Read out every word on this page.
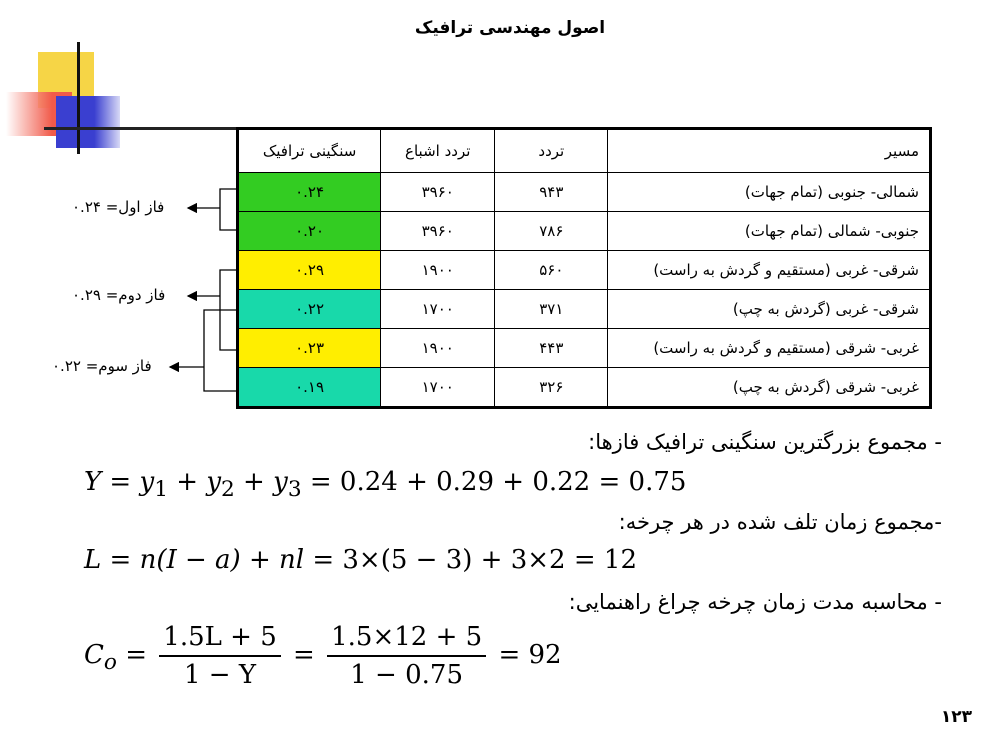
اصول مهندسی ترافیک
مسیر	تردد	تردد اشباع	سنگینی ترافیک
شمالی- جنوبی (تمام جهات)	۹۴۳	۳۹۶۰	۰.۲۴
جنوبی- شمالی (تمام جهات)	۷۸۶	۳۹۶۰	۰.۲۰
شرقی- غربی (مستقیم و گردش به راست)	۵۶۰	۱۹۰۰	۰.۲۹
شرقی- غربی (گردش به چپ)	۳۷۱	۱۷۰۰	۰.۲۲
غربی- شرقی (مستقیم و گردش به راست)	۴۴۳	۱۹۰۰	۰.۲۳
غربی- شرقی (گردش به چپ)	۳۲۶	۱۷۰۰	۰.۱۹
فاز اول= ۰.۲۴
فاز دوم= ۰.۲۹
فاز سوم= ۰.۲۲
- مجموع بزرگترین سنگینی ترافیک فازها:
$Y = y_1 + y_2 + y_3 = 0.24 + 0.29 + 0.22 = 0.75$
-مجموع زمان تلف شده در هر چرخه:
L = n(I − a) + nl = 3×(5 − 3) + 3×2 = 12
- محاسبه مدت زمان چرخه چراغ راهنمایی:
$C_o = \frac{1.5L + 5}{1 - Y} = \frac{1.5\times 12 + 5}{1 - 0.75} = 92$
۱۲۳
